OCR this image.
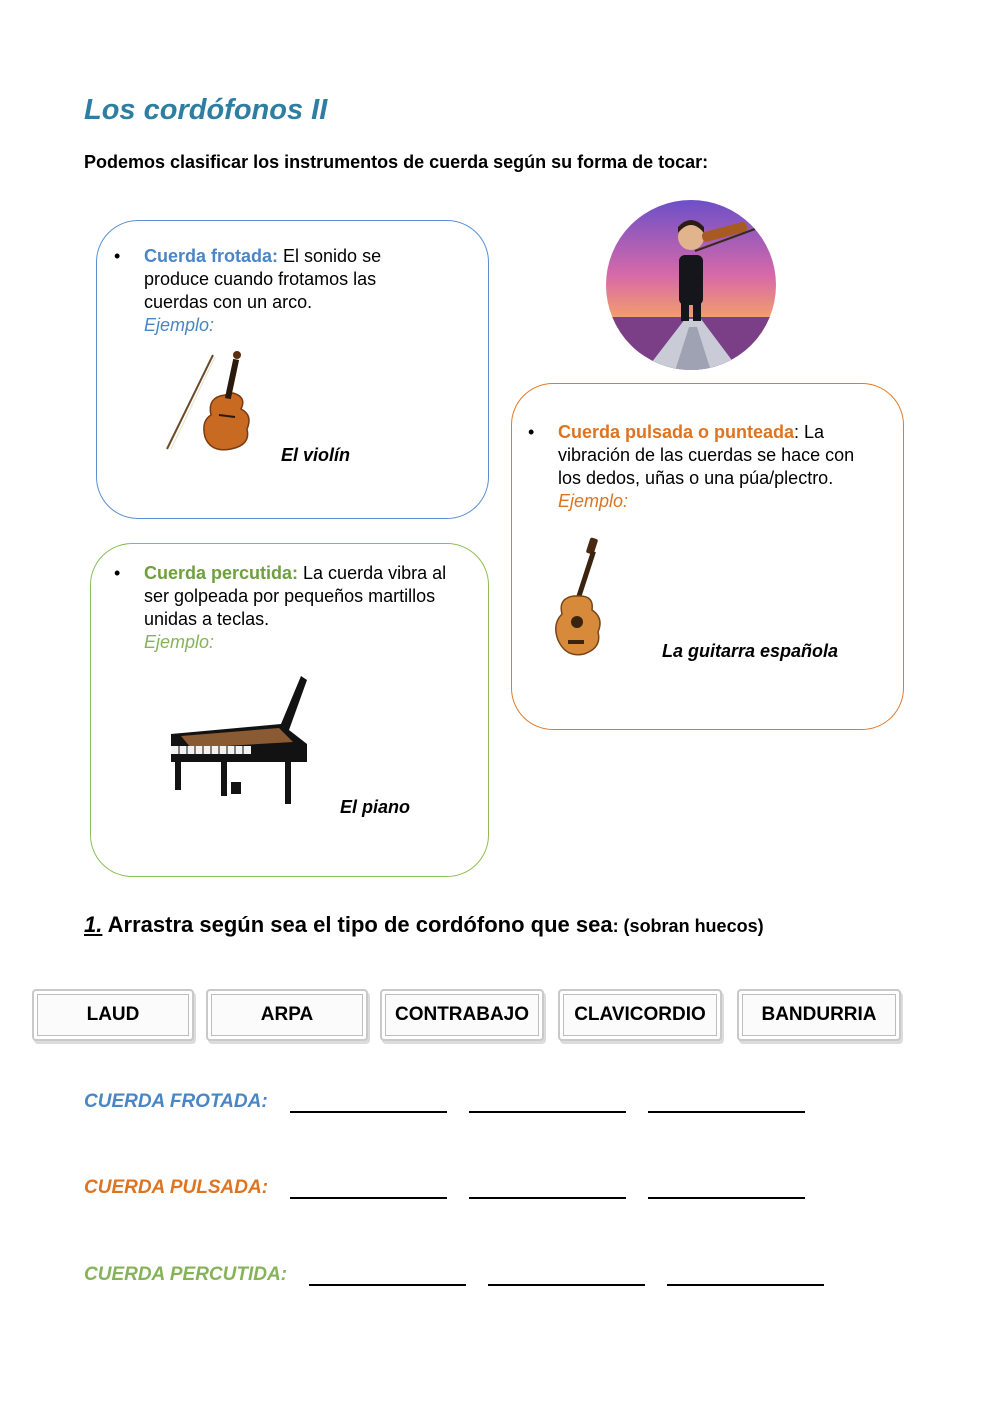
Los cordófonos II

Podemos clasificar los instrumentos de cuerda según su forma de tocar:

• Cuerda frotada: El sonido se produce cuando frotamos las cuerdas con un arco.
Ejemplo:
El violín
• Cuerda pulsada o punteada: La vibración de las cuerdas se hace con los dedos, uñas o una púa/plectro.
Ejemplo:
La guitarra española
• Cuerda percutida: La cuerda vibra al ser golpeada por pequeños martillos unidas a teclas.
Ejemplo:
El piano

1. Arrastra según sea el tipo de cordófono que sea: (sobran huecos)

LAUD	ARPA	CONTRABAJO	CLAVICORDIO	BANDURRIA
CUERDA FROTADA:
CUERDA PULSADA:
CUERDA PERCUTIDA:
